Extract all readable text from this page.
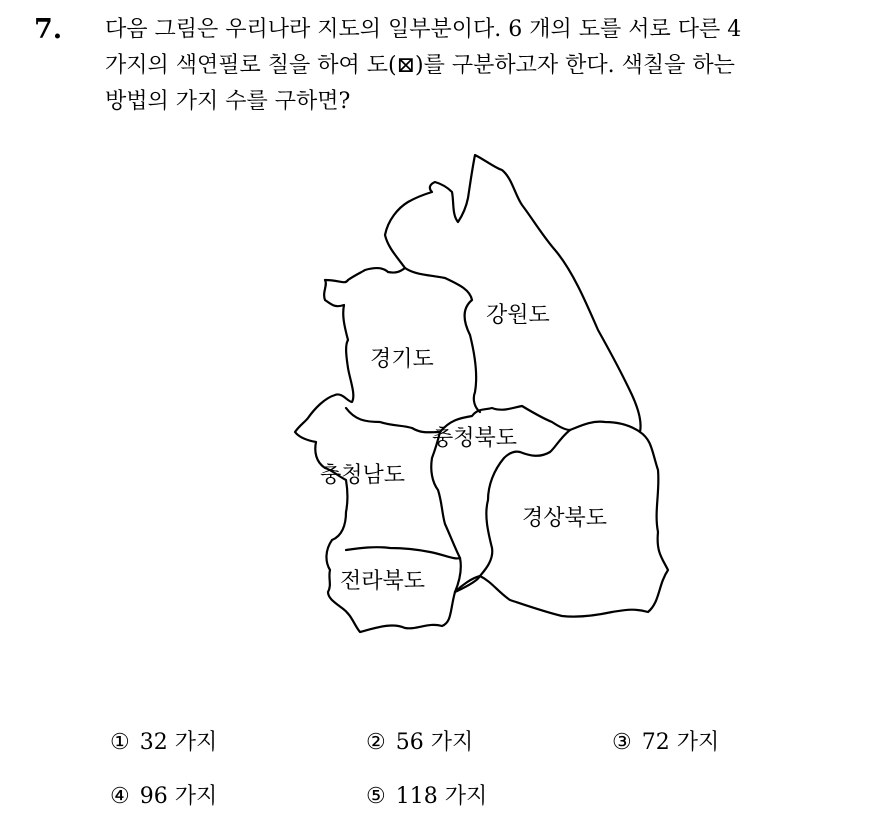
7. 다음 그림은 우리나라 지도의 일부분이다. 6 개의 도를 서로 다른 4
가지의 색연필로 칠을 하여 도(⊠)를 구분하고자 한다. 색칠을 하는
방법의 가지 수를 구하면?
강원도
경기도
충청북도
충청남도
경상북도
전라북도
① 32 가지	② 56 가지	③ 72 가지
④ 96 가지	⑤ 118 가지
